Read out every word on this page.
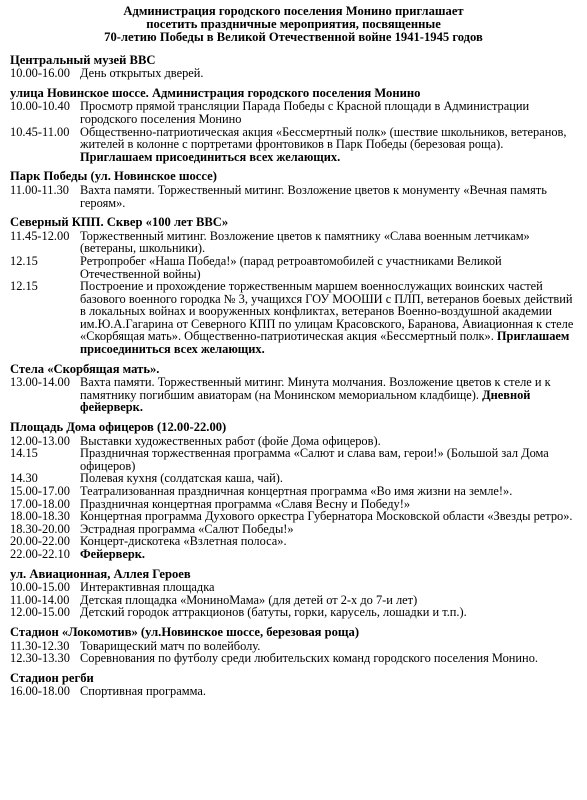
Администрация городского поселения Монино приглашает
посетить праздничные мероприятия, посвященные
70-летию Победы в Великой Отечественной войне 1941-1945 годов
Центральный музей ВВС
10.00-16.00 День открытых дверей.
улица Новинское шоссе. Администрация городского поселения Монино
10.00-10.40 Просмотр прямой трансляции Парада Победы с Красной площади в Администрации городского поселения Монино
10.45-11.00 Общественно-патриотическая акция «Бессмертный полк» (шествие школьников, ветеранов, жителей в колонне с портретами фронтовиков в Парк Победы (березовая роща). Приглашаем присоединиться всех желающих.
Парк Победы (ул. Новинское шоссе)
11.00-11.30 Вахта памяти. Торжественный митинг. Возложение цветов к монументу «Вечная память героям».
Северный КПП. Сквер «100 лет ВВС»
11.45-12.00 Торжественный митинг. Возложение цветов к памятнику «Слава военным летчикам» (ветераны, школьники).
12.15	Ретропробег «Наша Победа!» (парад ретроавтомобилей с участниками Великой Отечественной войны)
12.15	Построение и прохождение торжественным маршем военнослужащих воинских частей базового военного городка № 3, учащихся ГОУ МООШИ с ПЛП, ветеранов боевых действий в локальных войнах и вооруженных конфликтах, ветеранов Военно-воздушной академии им.Ю.А.Гагарина от Северного КПП по улицам Красовского, Баранова, Авиационная к стеле «Скорбящая мать». Общественно-патриотическая акция «Бессмертный полк». Приглашаем присоединиться всех желающих.
Стела «Скорбящая мать».
13.00-14.00 Вахта памяти. Торжественный митинг. Минута молчания. Возложение цветов к стеле и к памятнику погибшим авиаторам (на Монинском мемориальном кладбище). Дневной фейерверк.
Площадь Дома офицеров (12.00-22.00)
12.00-13.00 Выставки художественных работ (фойе Дома офицеров).
14.15	Праздничная торжественная программа «Салют и слава вам, герои!» (Большой зал Дома офицеров)
14.30	Полевая кухня (солдатская каша, чай).
15.00-17.00 Театрализованная праздничная концертная программа «Во имя жизни на земле!».
17.00-18.00 Праздничная концертная программа «Славя Весну и Победу!»
18.00-18.30 Концертная программа Духового оркестра Губернатора Московской области «Звезды ретро».
18.30-20.00 Эстрадная программа «Салют Победы!»
20.00-22.00 Концерт-дискотека «Взлетная полоса».
22.00-22.10 Фейерверк.
ул. Авиационная, Аллея Героев
10.00-15.00 Интерактивная площадка
11.00-14.00 Детская площадка «МониноМама» (для детей от 2-х до 7-и лет)
12.00-15.00 Детский городок аттракционов (батуты, горки, карусель, лошадки и т.п.).
Стадион «Локомотив» (ул.Новинское шоссе, березовая роща)
11.30-12.30 Товарищеский матч по волейболу.
12.30-13.30 Соревнования по футболу среди любительских команд городского поселения Монино.
Стадион регби
16.00-18.00 Спортивная программа.
